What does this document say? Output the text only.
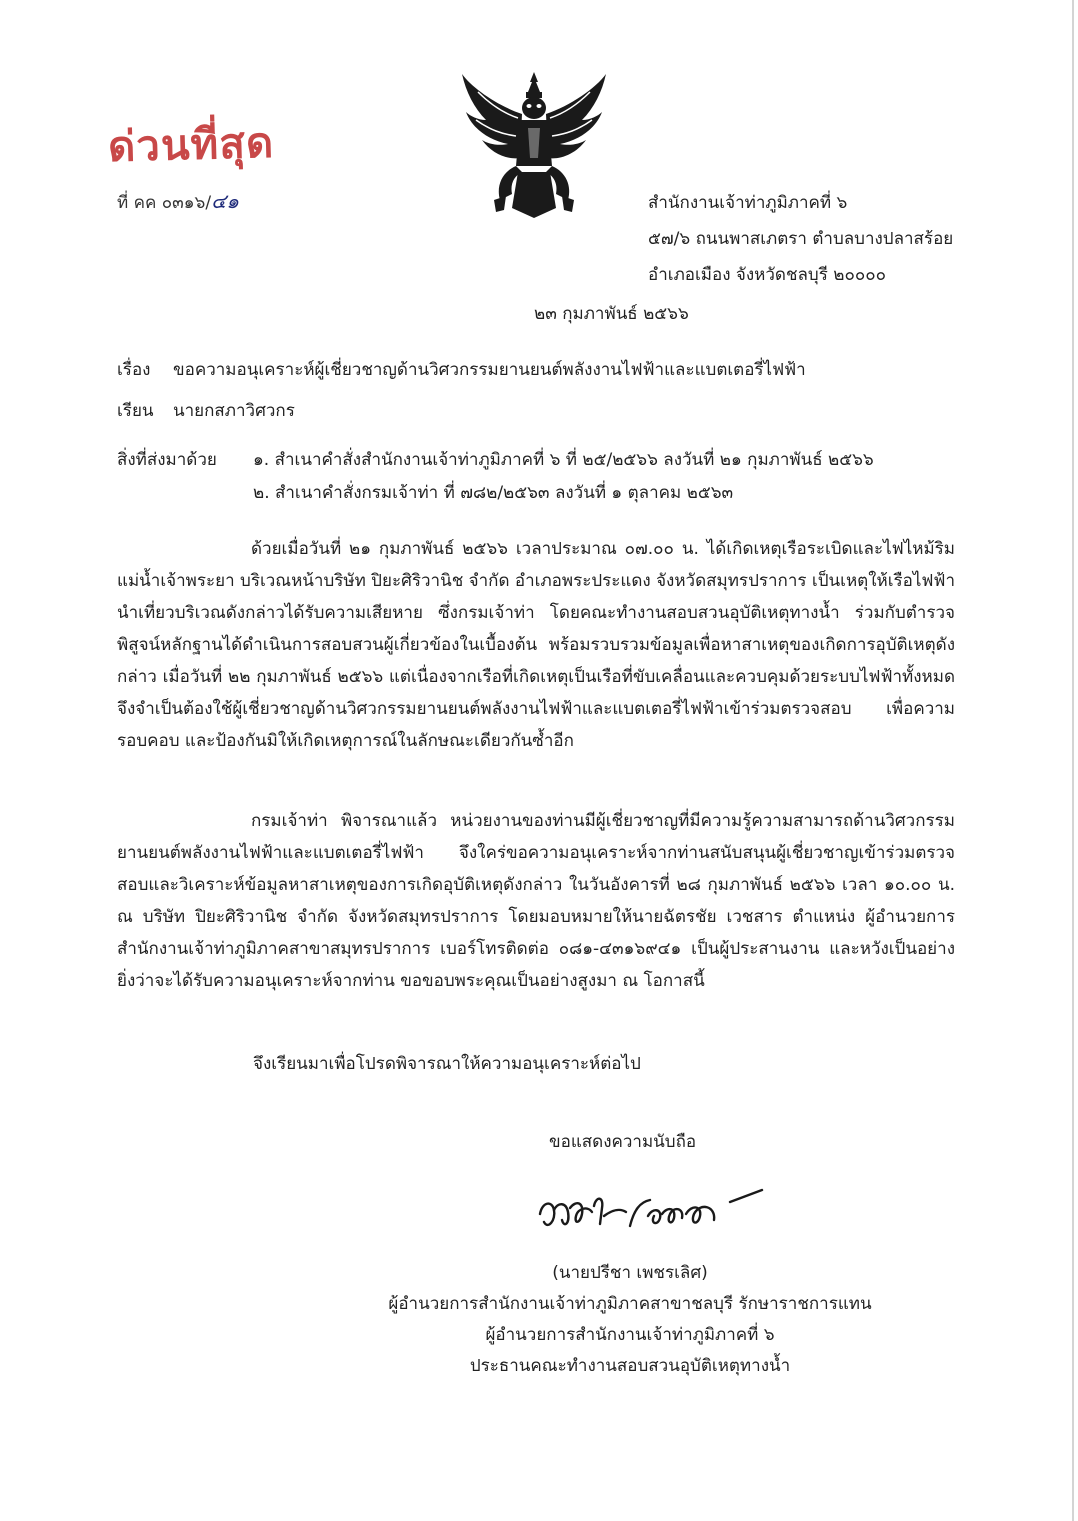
ด่วนที่สุด
ที่ คค ๐๓๑๖/๔๑	สำนักงานเจ้าท่าภูมิภาคที่ ๖
๕๗/๖ ถนนพาสเภตรา ตำบลบางปลาสร้อย
อำเภอเมือง จังหวัดชลบุรี ๒๐๐๐๐
๒๓ กุมภาพันธ์ ๒๕๖๖
เรื่อง ขอความอนุเคราะห์ผู้เชี่ยวชาญด้านวิศวกรรมยานยนต์พลังงานไฟฟ้าและแบตเตอรี่ไฟฟ้า
เรียน นายกสภาวิศวกร
สิ่งที่ส่งมาด้วย ๑. สำเนาคำสั่งสำนักงานเจ้าท่าภูมิภาคที่ ๖ ที่ ๒๕/๒๕๖๖ ลงวันที่ ๒๑ กุมภาพันธ์ ๒๕๖๖
๒. สำเนาคำสั่งกรมเจ้าท่า ที่ ๗๘๒/๒๕๖๓ ลงวันที่ ๑ ตุลาคม ๒๕๖๓

ด้วยเมื่อวันที่ ๒๑ กุมภาพันธ์ ๒๕๖๖ เวลาประมาณ ๐๗.๐๐ น. ได้เกิดเหตุเรือระเบิดและไฟไหม้ริมแม่น้ำเจ้าพระยา บริเวณหน้าบริษัท ปิยะศิริวานิช จำกัด อำเภอพระประแดง จังหวัดสมุทรปราการ เป็นเหตุให้เรือไฟฟ้านำเที่ยวบริเวณดังกล่าวได้รับความเสียหาย ซึ่งกรมเจ้าท่า โดยคณะทำงานสอบสวนอุบัติเหตุทางน้ำ ร่วมกับตำรวจพิสูจน์หลักฐานได้ดำเนินการสอบสวนผู้เกี่ยวข้องในเบื้องต้น พร้อมรวบรวมข้อมูลเพื่อหาสาเหตุของเกิดการอุบัติเหตุดังกล่าว เมื่อวันที่ ๒๒ กุมภาพันธ์ ๒๕๖๖ แต่เนื่องจากเรือที่เกิดเหตุเป็นเรือที่ขับเคลื่อนและควบคุมด้วยระบบไฟฟ้าทั้งหมด จึงจำเป็นต้องใช้ผู้เชี่ยวชาญด้านวิศวกรรมยานยนต์พลังงานไฟฟ้าและแบตเตอรี่ไฟฟ้าเข้าร่วมตรวจสอบ เพื่อความรอบคอบ และป้องกันมิให้เกิดเหตุการณ์ในลักษณะเดียวกันซ้ำอีก

กรมเจ้าท่า พิจารณาแล้ว หน่วยงานของท่านมีผู้เชี่ยวชาญที่มีความรู้ความสามารถด้านวิศวกรรมยานยนต์พลังงานไฟฟ้าและแบตเตอรี่ไฟฟ้า จึงใคร่ขอความอนุเคราะห์จากท่านสนับสนุนผู้เชี่ยวชาญเข้าร่วมตรวจสอบและวิเคราะห์ข้อมูลหาสาเหตุของการเกิดอุบัติเหตุดังกล่าว ในวันอังคารที่ ๒๘ กุมภาพันธ์ ๒๕๖๖ เวลา ๑๐.๐๐ น. ณ บริษัท ปิยะศิริวานิช จำกัด จังหวัดสมุทรปราการ โดยมอบหมายให้นายฉัตรชัย เวชสาร ตำแหน่ง ผู้อำนวยการสำนักงานเจ้าท่าภูมิภาคสาขาสมุทรปราการ เบอร์โทรติดต่อ ๐๘๑-๔๓๑๖๙๔๑ เป็นผู้ประสานงาน และหวังเป็นอย่างยิ่งว่าจะได้รับความอนุเคราะห์จากท่าน ขอขอบพระคุณเป็นอย่างสูงมา ณ โอกาสนี้

จึงเรียนมาเพื่อโปรดพิจารณาให้ความอนุเคราะห์ต่อไป
ขอแสดงความนับถือ
(นายปรีชา เพชรเลิศ)
ผู้อำนวยการสำนักงานเจ้าท่าภูมิภาคสาขาชลบุรี รักษาราชการแทน
ผู้อำนวยการสำนักงานเจ้าท่าภูมิภาคที่ ๖
ประธานคณะทำงานสอบสวนอุบัติเหตุทางน้ำ
